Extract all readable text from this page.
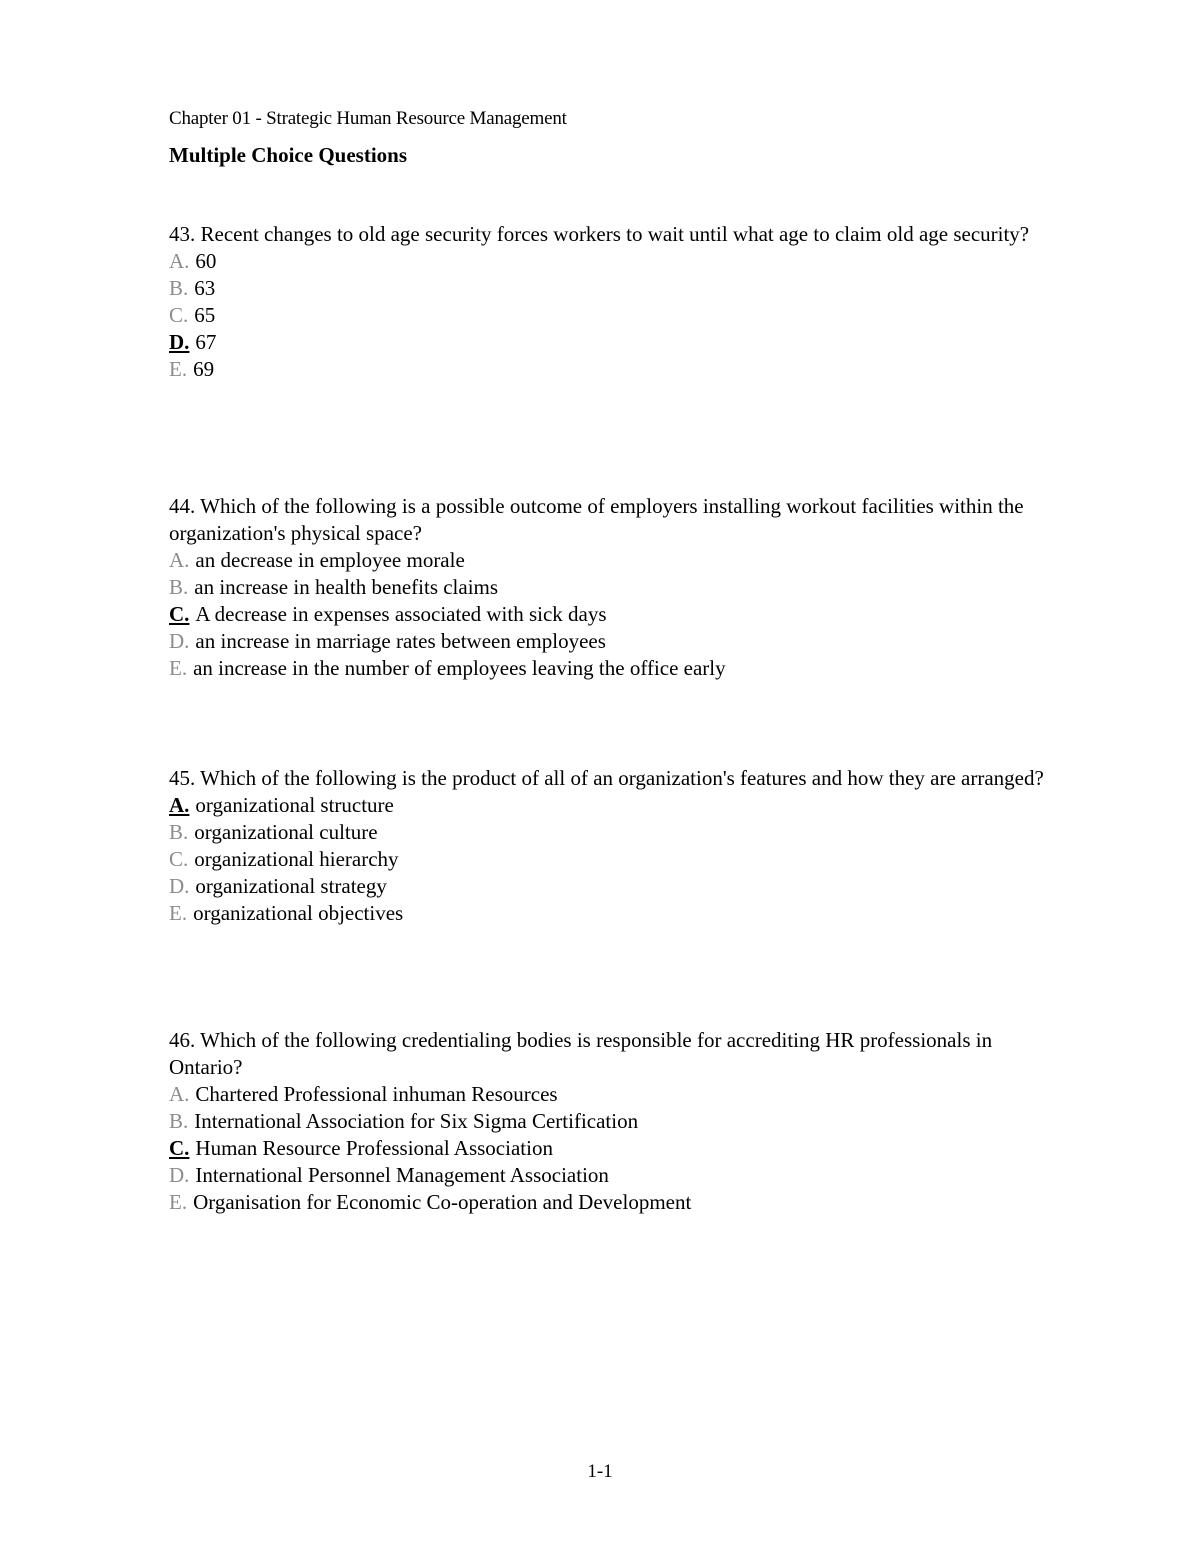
Chapter 01 - Strategic Human Resource Management
Multiple Choice Questions

43. Recent changes to old age security forces workers to wait until what age to claim old age security?

A. 60
B. 63
C. 65
D. 67
E. 69

44. Which of the following is a possible outcome of employers installing workout facilities within the organization's physical space?

A. an decrease in employee morale
B. an increase in health benefits claims
C. A decrease in expenses associated with sick days
D. an increase in marriage rates between employees
E. an increase in the number of employees leaving the office early

45. Which of the following is the product of all of an organization's features and how they are arranged?

A. organizational structure
B. organizational culture
C. organizational hierarchy
D. organizational strategy
E. organizational objectives

46. Which of the following credentialing bodies is responsible for accrediting HR professionals in Ontario?

A. Chartered Professional inhuman Resources
B. International Association for Six Sigma Certification
C. Human Resource Professional Association
D. International Personnel Management Association
E. Organisation for Economic Co-operation and Development
1-1
